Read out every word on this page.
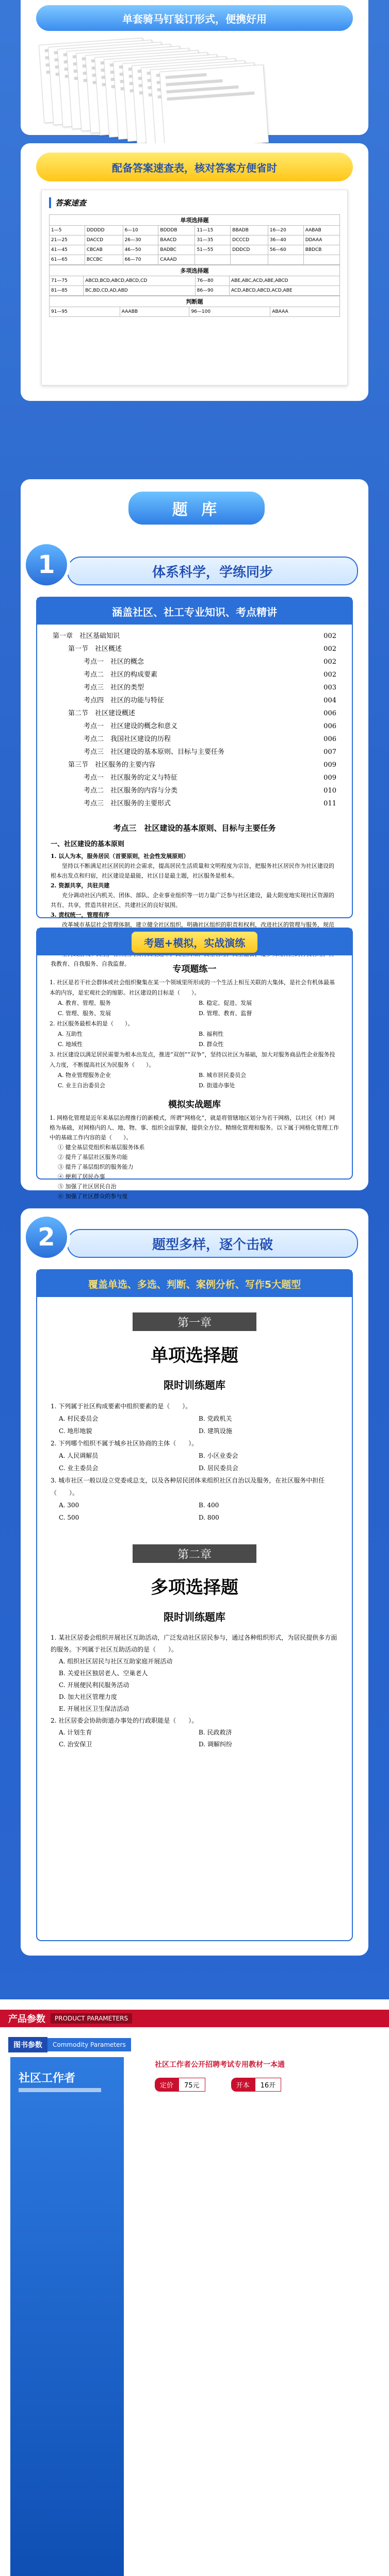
单套骑马钉装订形式，便携好用
配备答案速查表，核对答案方便省时
答案速查
单项选择题
1—5	DDDDD	6—10	BDDDB	11—15	BBADB	16—20	AABAB
21—25	DACCD	26—30	BAACD	31—35	DCCCD	36—40	DDAAA
41—45	CBCAB	46—50	BADBC	51—55	DDDCD	56—60	BBDCB
61—65	BCCBC	66—70	CAAAD				
多项选择题
71—75	ABCD,BCD,ABCD,ABCD,CD	76—80	ABE,ABC,ACD,ABE,ABCD
81—85	BC,BD,CD,AD,ABD	86—90	ACD,ABCD,ABCD,ACD,ABE
判断题
91—95	AAABB	96—100	ABAAA
题 库
体系科学，学练同步
涵盖社区、社工专业知识、考点精讲
第一章　社区基础知识	002
第一节　社区概述	002
考点一　社区的概念	002
考点二　社区的构成要素	002
考点三　社区的类型	003
考点四　社区的功能与特征	004
第二节　社区建设概述	006
考点一　社区建设的概念和意义	006
考点二　我国社区建设的历程	006
考点三　社区建设的基本原则、目标与主要任务	007
第三节　社区服务的主要内容	009
考点一　社区服务的定义与特征	009
考点二　社区服务的内容与分类	010
考点三　社区服务的主要形式	011
考点三　社区建设的基本原则、目标与主要任务
一、社区建设的基本原则
1. 以人为本，服务居民（首要原则，社会性发展原则）
坚持以不断满足社区居民的社会需求，提高居民生活质量和文明程度为宗旨，把服务社区居民作为社区建设的根本出发点和归宿，社区建设是最能，社区目是最主题，社区服务是根本。
2. 资源共享，共驻共建
充分调动社区内机关、团体、部队、企业事业组织等一切力量广泛参与社区建设，最大限度地实现社区资源的共有、共享，营造共驻社区、共建社区的良好氛围。
3. 责权统一，管理有序
改革城市基层社会管理体制，建立健全社区组织，明确社区组织的职责和权利，改进社区的管理与服务，规范
我教育、自我服务、自我监督。
考题+模拟，实战演练
专项题练一
1. 社区是若干社会群体或社会组织聚集在某一个领域里所形成的一个生活上相互关联的大集体，是社会有机体最基本的内容，是宏观社会的缩影。社区建设的目标是（　　）。
A. 教育、管理、服务	B. 稳定、促进、发展
C. 管理、服务、发展	D. 管理、教育、监督
2. 社区服务最根本的是（　　）。
A. 互助性	B. 福利性
C. 地域性	D. 群众性
3. 社区建设以满足居民需要为根本出发点，推进“双创”“双争”，坚持以社区为基础，加大对服务商品性企业服务投入力度，不断提高社区为民服务（　　）。
A. 物业管理服务企业	B. 城市居民委员会
C. 业主自治委员会	D. 街道办事处
模拟实战题库
1. 网格化管理是近年来基层治理推行的新模式，所谓“网格化”，就是将管辖地区划分为若干网格，以社区（村）网格为基础，对网格内的人、地、物、事、组织全面掌握，提供全方位、精细化管理和服务。以下属于网格化管理工作中的基础工作内容的是（　　）。
① 健全基层党组织和基层服务体系
② 提升了基层社区服务功能
③ 提升了基层组织的服务能力
④ 便利了居民办事
⑤ 加强了社区居民自治
⑥ 加强了社区群众的参与度
1
题型多样，逐个击破
覆盖单选、多选、判断、案例分析、写作5大题型
第一章
单项选择题
限时训练题库
1. 下列属于社区构成要素中组织要素的是（　　）。
A. 村民委员会	B. 党政机关
C. 地形地貌	D. 建筑设施
2. 下列哪个组织不属于城乡社区协商的主体（　　）。
A. 人民调解员	B. 小区业委会
C. 业主委员会	D. 居民委员会
3. 城市社区一般以设立党委或总支，以及各种居民团体来组织社区自治以及服务，在社区服务中担任（　　）。
A. 300	B. 400
C. 500	D. 800
第二章
多项选择题
限时训练题库
1. 某社区居委会组织开展社区互助活动，广泛发动社区居民参与，通过各种组织形式，为居民提供多方面的服务。下列属于社区互助活动的是（　　）。
A. 组织社区居民与社区互助家庭开展活动
B. 关爱社区独居老人、空巢老人
C. 开展便民利民服务活动
D. 加大社区管理力度
E. 开展社区卫生保洁活动
2. 社区居委会协助街道办事处的行政职能是（　　）。
A. 计划生育	B. 民政救济
C. 治安保卫	D. 调解纠纷
2
产品参数	PRODUCT PARAMETERS
图书参数	Commodity Parameters
社区工作者
社区工作者公开招聘考试专用教材一本通
定价	75元	开本	16开
